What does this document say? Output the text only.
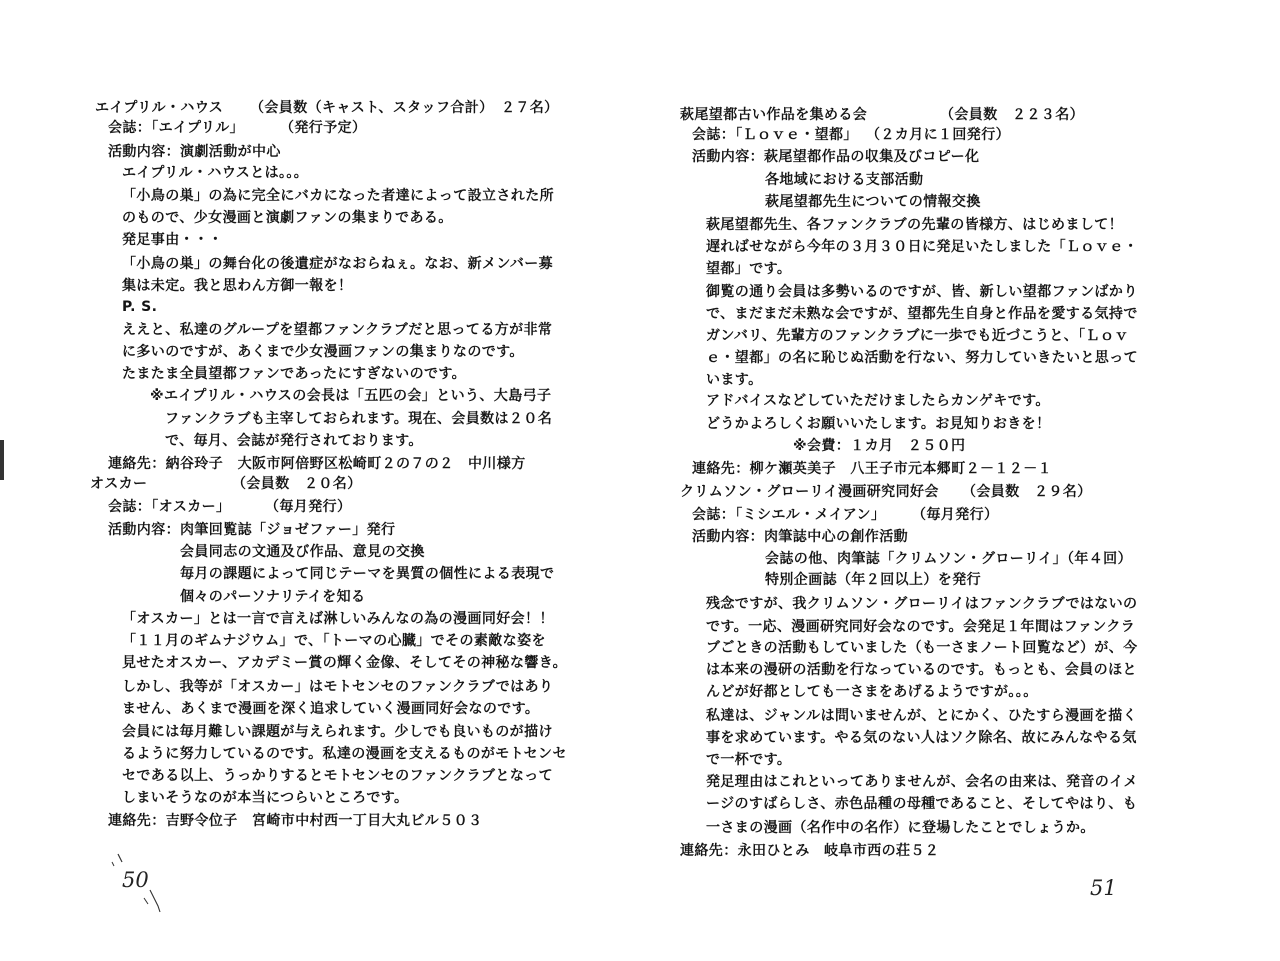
エイプリル・ハウス （会員数（キャスト、スタッフ合計）　２７名）
会誌：「エイプリル」	（発行予定）
活動内容：演劇活動が中心
エイプリル・ハウスとは。。。
「小鳥の巣」の為に完全にバカになった者達によって設立された所
のもので、少女漫画と演劇ファンの集まりである。
発足事由・・・
「小鳥の巣」の舞台化の後遺症がなおらねぇ。なお、新メンバー募
集は未定。我と思わん方御一報を！
P. S.
ええと、私達のグループを望都ファンクラブだと思ってる方が非常
に多いのですが、あくまで少女漫画ファンの集まりなのです。
たまたま全員望都ファンであったにすぎないのです。
※エイプリル・ハウスの会長は「五匹の会」という、大島弓子
ファンクラブも主宰しておられます。現在、会員数は２０名
で、毎月、会誌が発行されております。
連絡先：納谷玲子　大阪市阿倍野区松崎町２の７の２　中川様方
オスカー	（会員数　２０名）
会誌：「オスカー」 （毎月発行）
活動内容：肉筆回覧誌「ジョゼファー」発行
会員同志の文通及び作品、意見の交換
毎月の課題によって同じテーマを異質の個性による表現で
個々のパーソナリテイを知る
「オスカー」とは一言で言えば淋しいみんなの為の漫画同好会！！
「１１月のギムナジウム」で、「トーマの心臓」でその素敵な姿を
見せたオスカー、アカデミー賞の輝く金像、そしてその神秘な響き。
しかし、我等が「オスカー」はモトセンセのファンクラブではあり
ません、あくまで漫画を深く追求していく漫画同好会なのです。
会員には毎月難しい課題が与えられます。少しでも良いものが描け
るように努力しているのです。私達の漫画を支えるものがモトセンセ
セである以上、うっかりするとモトセンセのファンクラブとなって
しまいそうなのが本当につらいところです。
連絡先：吉野令位子　宮崎市中村西一丁目大丸ビル５０３
50
萩尾望都古い作品を集める会	（会員数　２２３名）
会誌：「Ｌｏｖｅ・望都」 （２カ月に１回発行）
活動内容：萩尾望都作品の収集及びコピー化
各地域における支部活動
萩尾望都先生についての情報交換
萩尾望都先生、各ファンクラブの先輩の皆様方、はじめまして！
遅ればせながら今年の３月３０日に発足いたしました「Ｌｏｖｅ・
望都」です。
御覧の通り会員は多勢いるのですが、皆、新しい望都ファンばかり
で、まだまだ未熟な会ですが、望都先生自身と作品を愛する気持で
ガンバリ、先輩方のファンクラブに一歩でも近づこうと、「Ｌｏｖ
ｅ・望都」の名に恥じぬ活動を行ない、努力していきたいと思って
います。
アドバイスなどしていただけましたらカンゲキです。
どうかよろしくお願いいたします。お見知りおきを！
※会費：１カ月　２５０円
連絡先：柳ケ瀬英美子　八王子市元本郷町２－１２－１
クリムソン・グローリイ漫画研究同好会 （会員数　２９名）
会誌：「ミシエル・メイアン」 （毎月発行）
活動内容：肉筆誌中心の創作活動
会誌の他、肉筆誌「クリムソン・グローリイ」（年４回）
特別企画誌（年２回以上）を発行
残念ですが、我クリムソン・グローリイはファンクラブではないの
です。一応、漫画研究同好会なのです。会発足１年間はファンクラ
ブごときの活動もしていました（も一さまノート回覧など）が、今
は本来の漫研の活動を行なっているのです。もっとも、会員のほと
んどが好都としても一さまをあげるようですが。。。
私達は、ジャンルは問いませんが、とにかく、ひたすら漫画を描く
事を求めています。やる気のない人はソク除名、故にみんなやる気
で一杯です。
発足理由はこれといってありませんが、会名の由来は、発音のイメ
ージのすばらしさ、赤色品種の母種であること、そしてやはり、も
一さまの漫画（名作中の名作）に登場したことでしょうか。
連絡先：永田ひとみ　岐阜市西の荘５２
51
